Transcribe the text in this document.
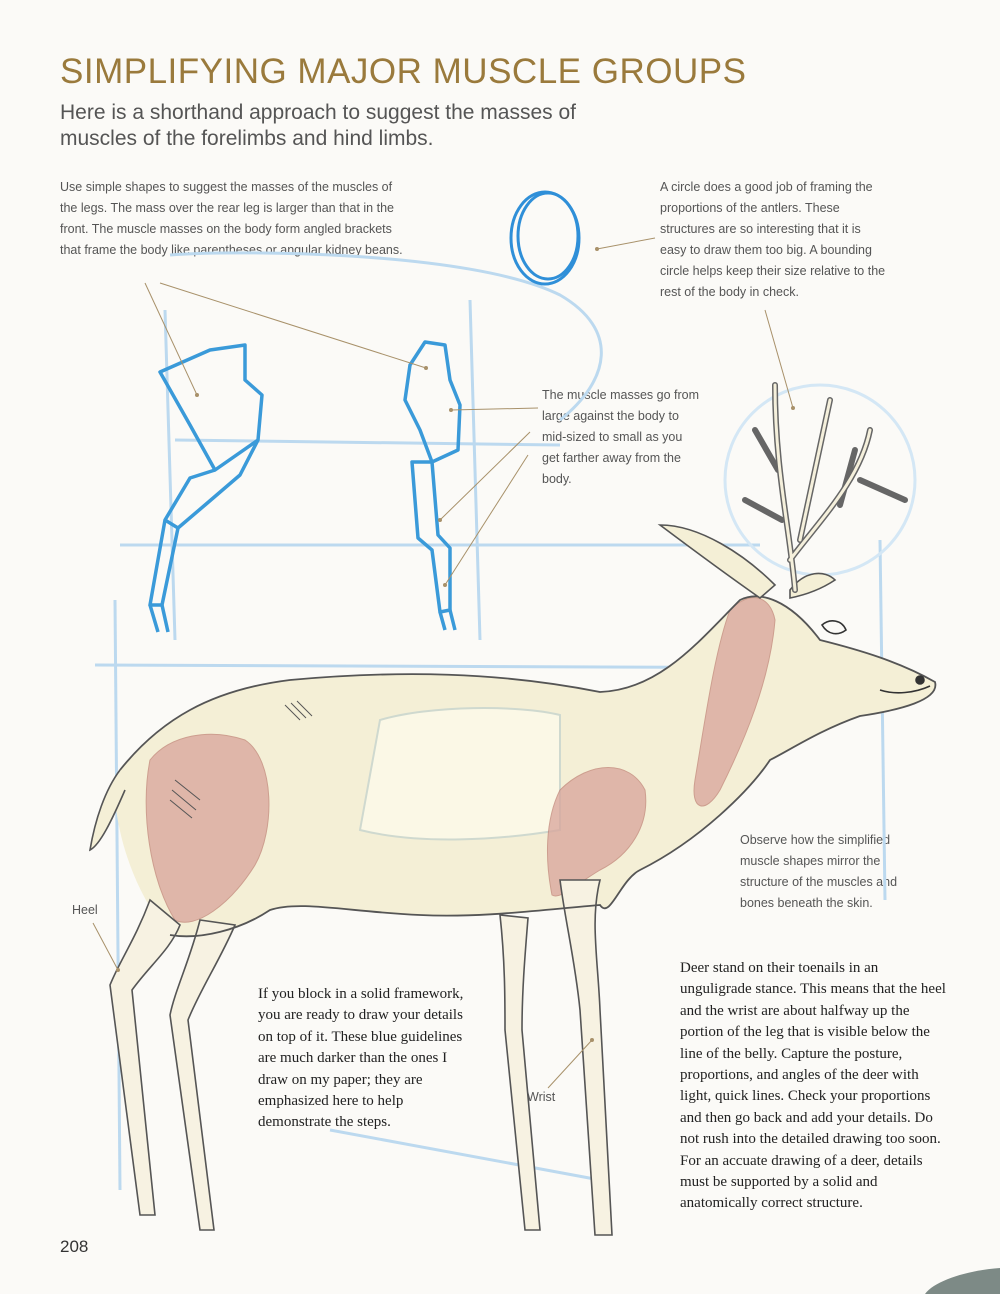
SIMPLIFYING MAJOR MUSCLE GROUPS

Here is a shorthand approach to suggest the masses of muscles of the forelimbs and hind limbs.

Use simple shapes to suggest the masses of the muscles of the legs. The mass over the rear leg is larger than that in the front. The muscle masses on the body form angled brackets that frame the body like parentheses or angular kidney beans.

A circle does a good job of framing the proportions of the antlers. These structures are so interesting that it is easy to draw them too big. A bounding circle helps keep their size relative to the rest of the body in check.

The muscle masses go from large against the body to mid-sized to small as you get farther away from the body.

Observe how the simplified muscle shapes mirror the structure of the muscles and bones beneath the skin.

Heel
Wrist

If you block in a solid framework, you are ready to draw your details on top of it. These blue guidelines are much darker than the ones I draw on my paper; they are emphasized here to help demonstrate the steps.

Deer stand on their toenails in an unguligrade stance. This means that the heel and the wrist are about halfway up the portion of the leg that is visible below the line of the belly. Capture the posture, proportions, and angles of the deer with light, quick lines. Check your proportions and then go back and add your details. Do not rush into the detailed drawing too soon. For an accuate drawing of a deer, details must be supported by a solid and anatomically correct structure.

208
